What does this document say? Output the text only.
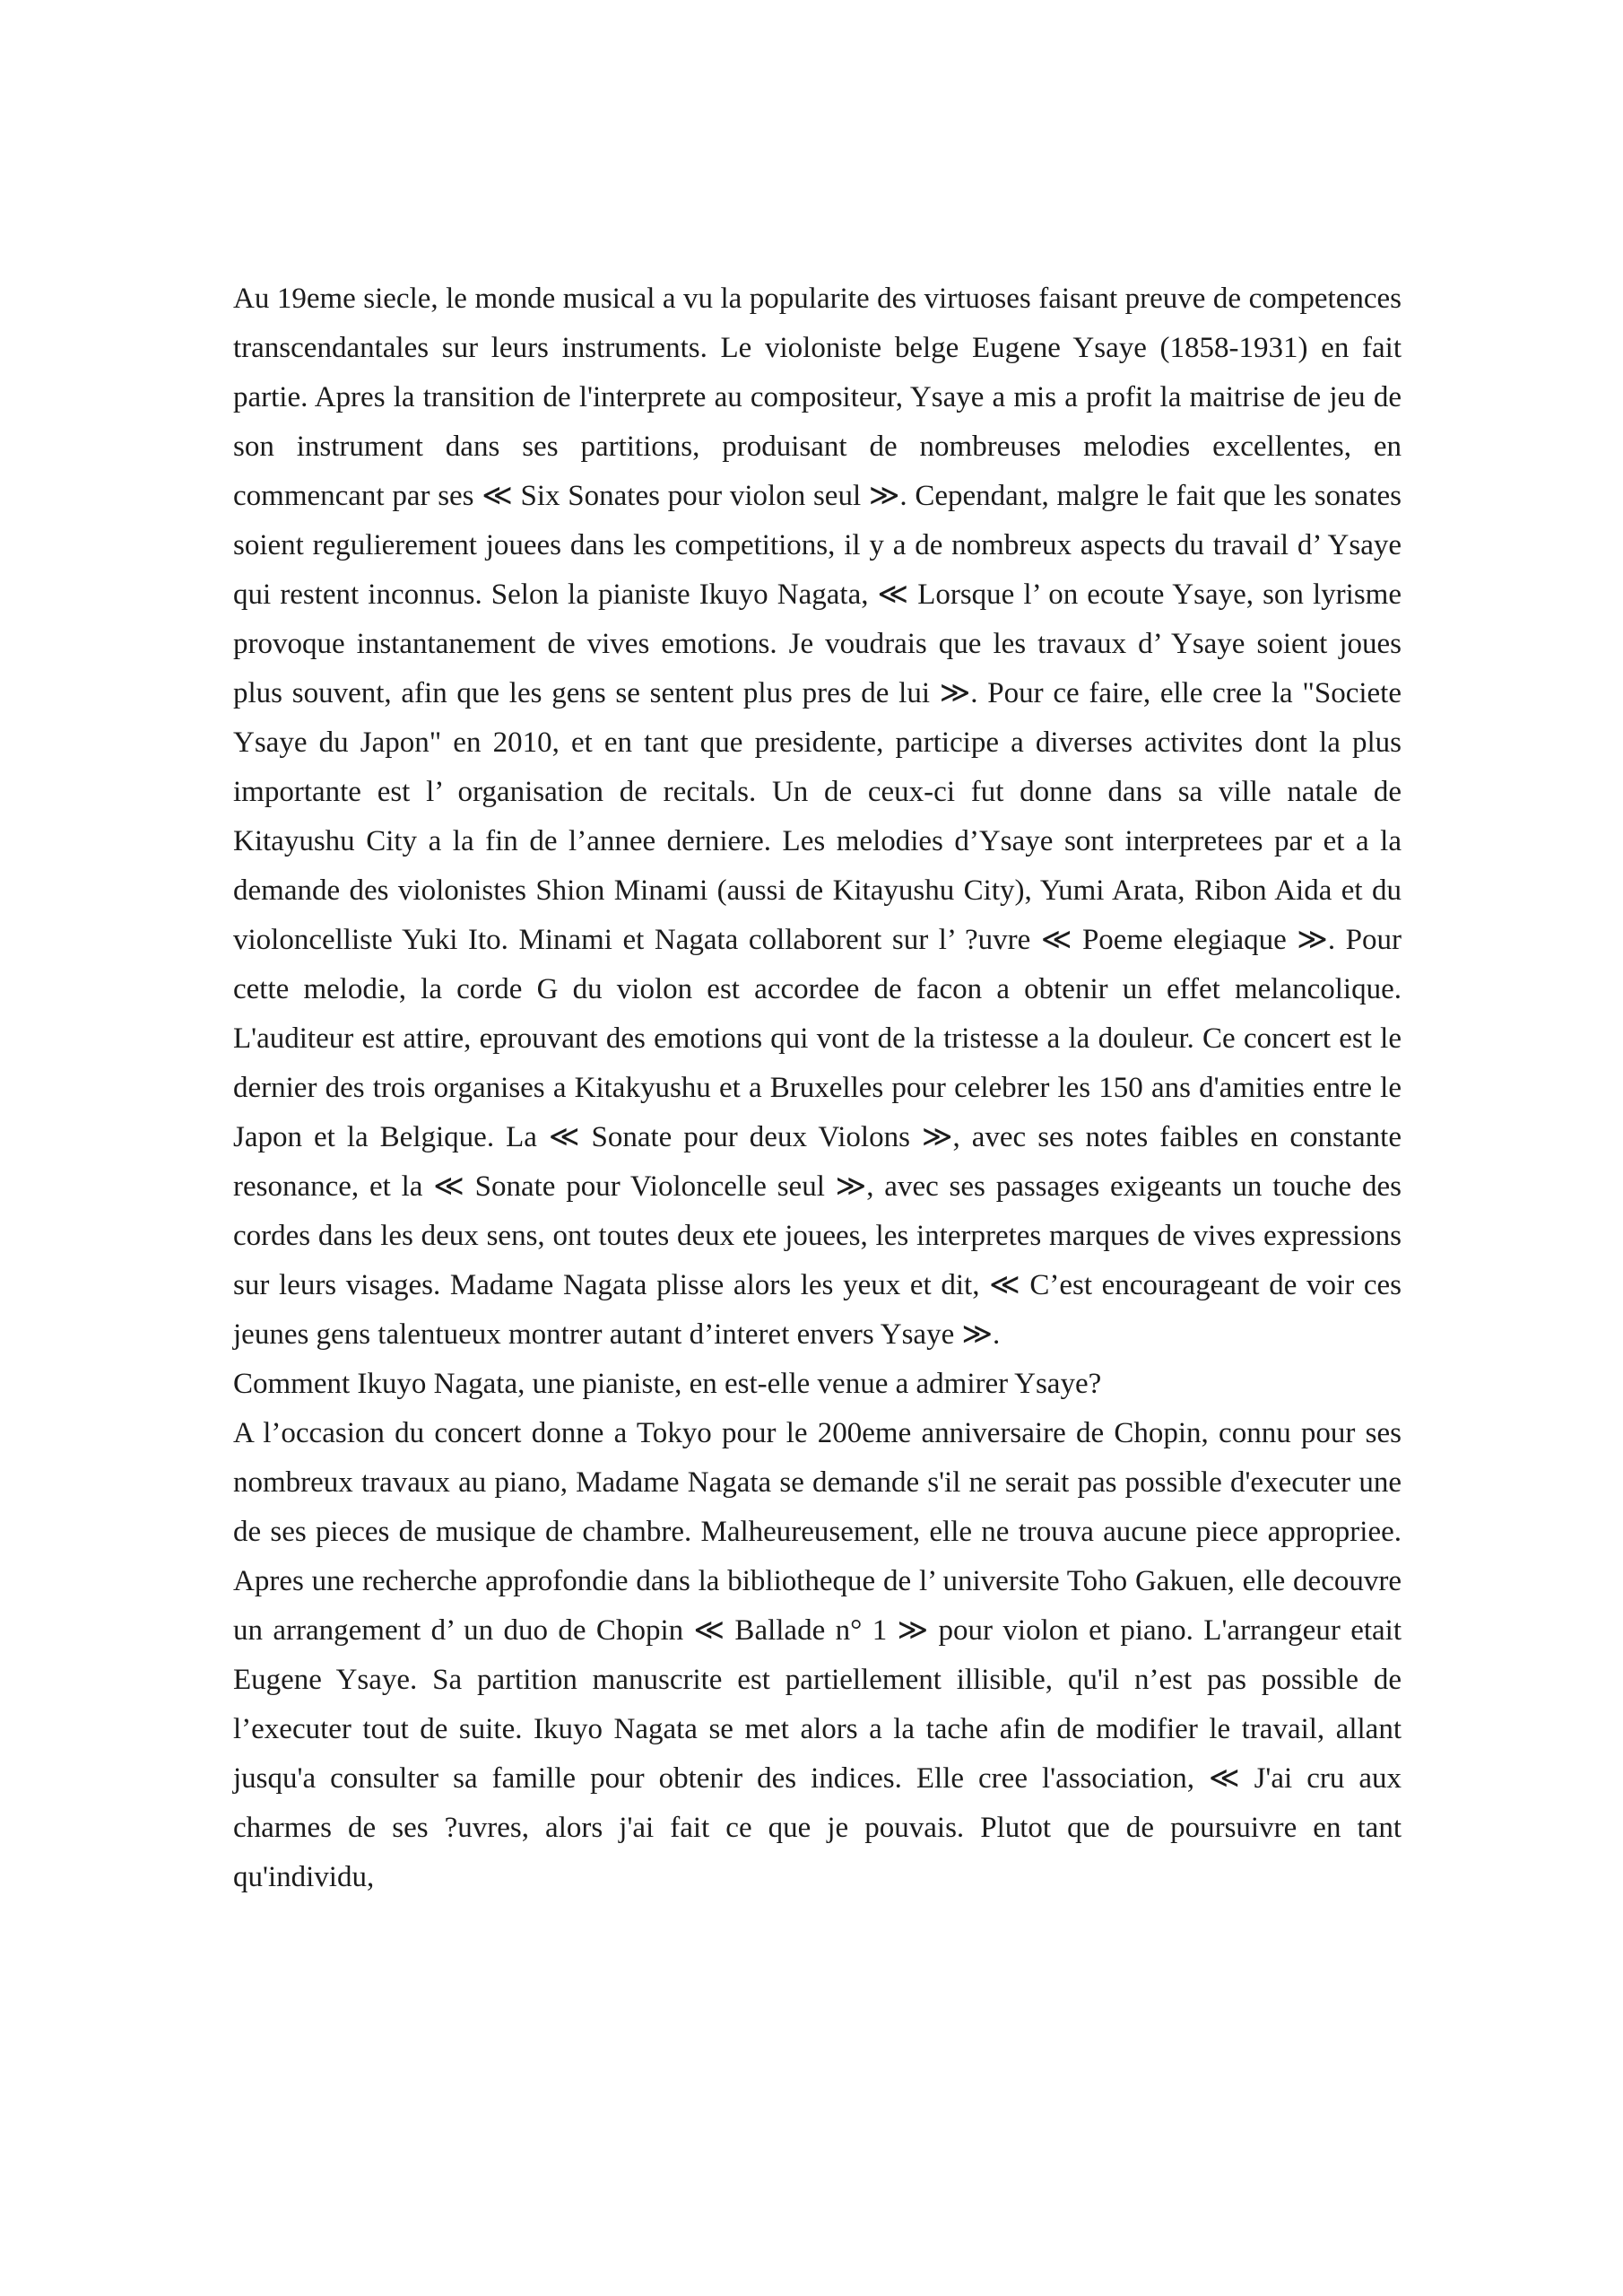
Au 19eme siecle, le monde musical a vu la popularite des virtuoses faisant preuve de competences transcendantales sur leurs instruments. Le violoniste belge Eugene Ysaye (1858-1931) en fait partie. Apres la transition de l'interprete au compositeur, Ysaye a mis a profit la maitrise de jeu de son instrument dans ses partitions, produisant de nombreuses melodies excellentes, en commencant par ses ≪ Six Sonates pour violon seul ≫. Cependant, malgre le fait que les sonates soient regulierement jouees dans les competitions, il y a de nombreux aspects du travail d’ Ysaye qui restent inconnus. Selon la pianiste Ikuyo Nagata, ≪ Lorsque l’ on ecoute Ysaye, son lyrisme provoque instantanement de vives emotions. Je voudrais que les travaux d’ Ysaye soient joues plus souvent, afin que les gens se sentent plus pres de lui ≫. Pour ce faire, elle cree la "Societe Ysaye du Japon" en 2010, et en tant que presidente, participe a diverses activites dont la plus importante est l’ organisation de recitals. Un de ceux-ci fut donne dans sa ville natale de Kitayushu City a la fin de l’annee derniere. Les melodies d’Ysaye sont interpretees par et a la demande des violonistes Shion Minami (aussi de Kitayushu City), Yumi Arata, Ribon Aida et du violoncelliste Yuki Ito. Minami et Nagata collaborent sur l’ ?uvre ≪ Poeme elegiaque ≫. Pour cette melodie, la corde G du violon est accordee de facon a obtenir un effet melancolique. L'auditeur est attire, eprouvant des emotions qui vont de la tristesse a la douleur. Ce concert est le dernier des trois organises a Kitakyushu et a Bruxelles pour celebrer les 150 ans d'amities entre le Japon et la Belgique. La ≪ Sonate pour deux Violons ≫, avec ses notes faibles en constante resonance, et la ≪ Sonate pour Violoncelle seul ≫, avec ses passages exigeants un touche des cordes dans les deux sens, ont toutes deux ete jouees, les interpretes marques de vives expressions sur leurs visages. Madame Nagata plisse alors les yeux et dit, ≪ C’est encourageant de voir ces jeunes gens talentueux montrer autant d’interet envers Ysaye ≫.

Comment Ikuyo Nagata, une pianiste, en est-elle venue a admirer Ysaye?

A l’occasion du concert donne a Tokyo pour le 200eme anniversaire de Chopin, connu pour ses nombreux travaux au piano, Madame Nagata se demande s'il ne serait pas possible d'executer une de ses pieces de musique de chambre. Malheureusement, elle ne trouva aucune piece appropriee. Apres une recherche approfondie dans la bibliotheque de l’ universite Toho Gakuen, elle decouvre un arrangement d’ un duo de Chopin ≪ Ballade n° 1 ≫ pour violon et piano. L'arrangeur etait Eugene Ysaye. Sa partition manuscrite est partiellement illisible, qu'il n’est pas possible de l’executer tout de suite. Ikuyo Nagata se met alors a la tache afin de modifier le travail, allant jusqu'a consulter sa famille pour obtenir des indices. Elle cree l'association, ≪ J'ai cru aux charmes de ses ?uvres, alors j'ai fait ce que je pouvais. Plutot que de poursuivre en tant qu'individu,
